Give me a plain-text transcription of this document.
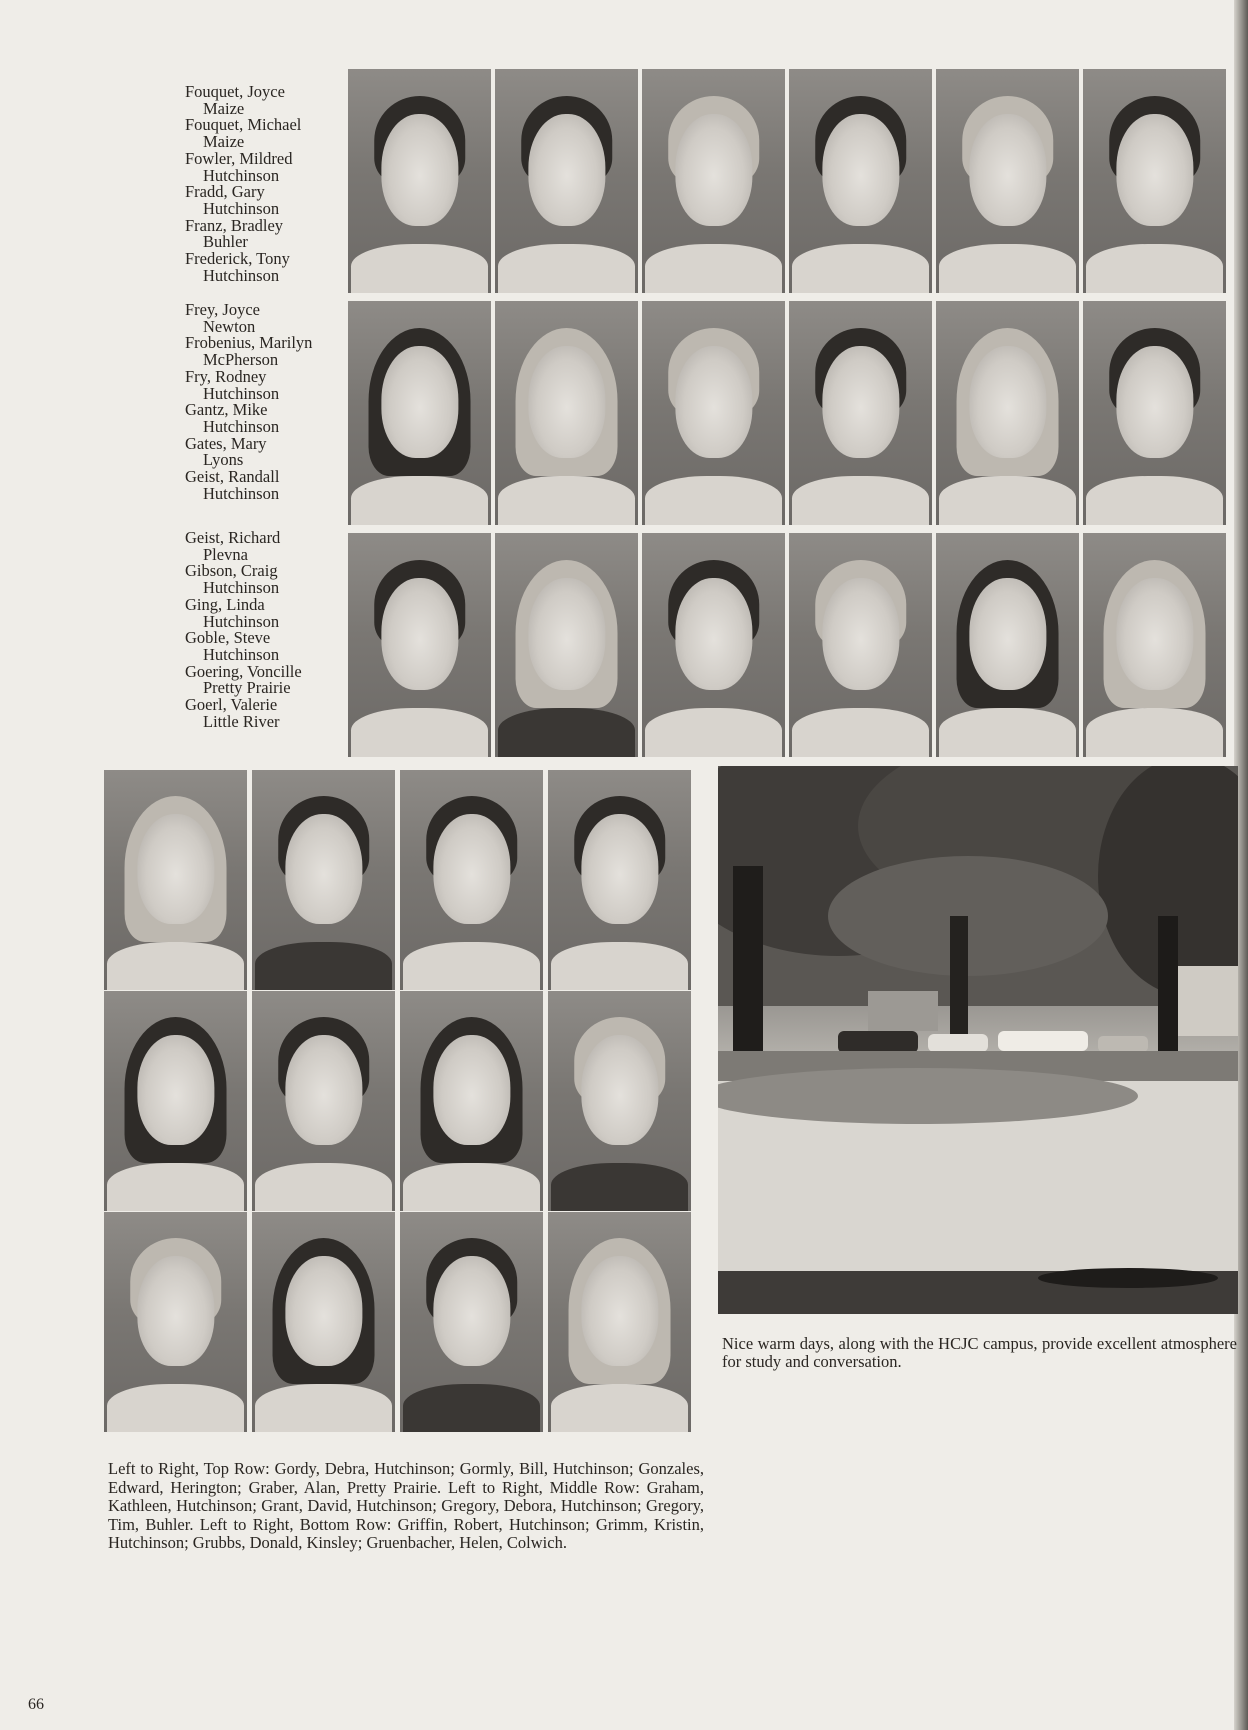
Fouquet, Joyce
Maize
Fouquet, Michael
Maize
Fowler, Mildred
Hutchinson
Fradd, Gary
Hutchinson
Franz, Bradley
Buhler
Frederick, Tony
Hutchinson
Frey, Joyce
Newton
Frobenius, Marilyn
McPherson
Fry, Rodney
Hutchinson
Gantz, Mike
Hutchinson
Gates, Mary
Lyons
Geist, Randall
Hutchinson
Geist, Richard
Plevna
Gibson, Craig
Hutchinson
Ging, Linda
Hutchinson
Goble, Steve
Hutchinson
Goering, Voncille
Pretty Prairie
Goerl, Valerie
Little River
Nice warm days, along with the HCJC campus, provide excellent atmosphere for study and conversation.
Left to Right, Top Row: Gordy, Debra, Hutchinson; Gormly, Bill, Hutchinson; Gonzales, Edward, Herington; Graber, Alan, Pretty Prairie. Left to Right, Middle Row: Graham, Kathleen, Hutchinson; Grant, David, Hutchinson; Gregory, Debora, Hutchinson; Gregory, Tim, Buhler. Left to Right, Bottom Row: Griffin, Robert, Hutchinson; Grimm, Kristin, Hutchinson; Grubbs, Donald, Kinsley; Gruenbacher, Helen, Colwich.
66
